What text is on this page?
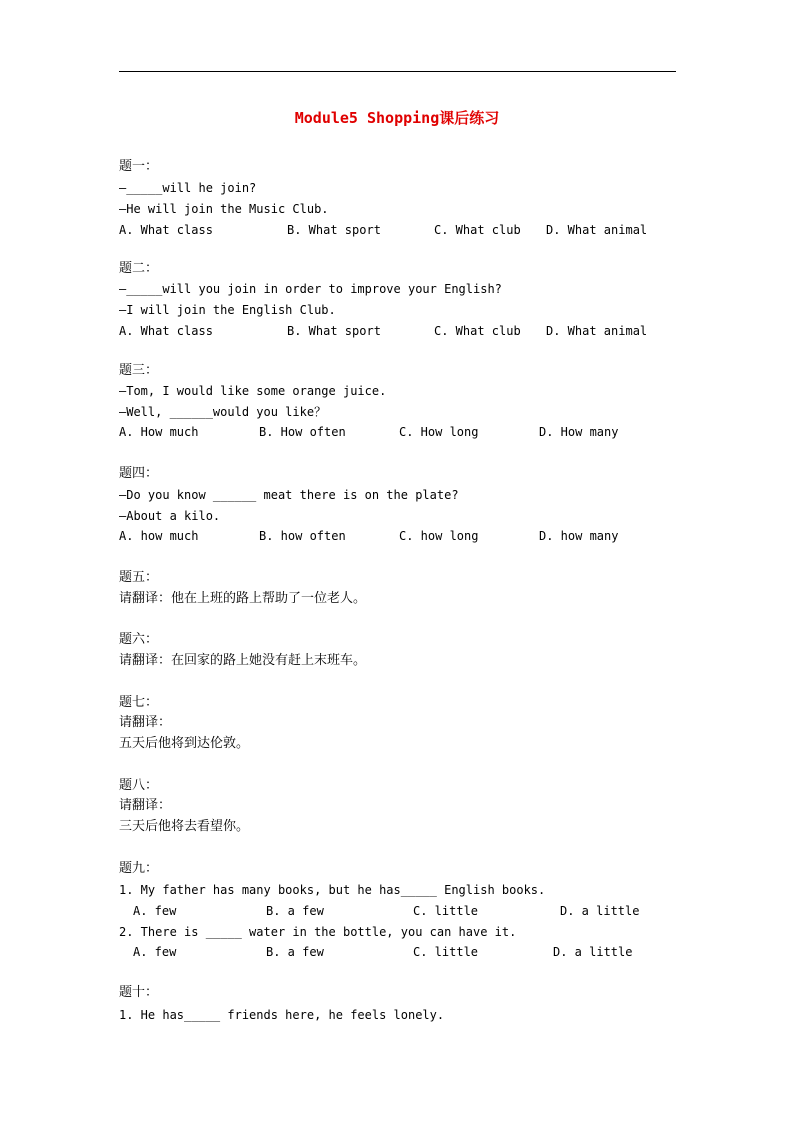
Module5 Shopping课后练习
题一：
—_____will he join?
—He will join the Music Club.
A. What class	B. What sport	C. What club D. What animal
题二：
—_____will you join in order to improve your English?
—I will join the English Club.
A. What class	B. What sport	C. What club D. What animal
题三：
—Tom, I would like some orange juice.
—Well, ______would you like？
A. How much	B. How often	C. How long	D. How many
题四：
—Do you know ______ meat there is on the plate?
—About a kilo.
A. how much	B. how often	C. how long	D. how many
题五：
请翻译：他在上班的路上帮助了一位老人。
题六：
请翻译：在回家的路上她没有赶上末班车。
题七：
请翻译：
五天后他将到达伦敦。
题八：
请翻译：
三天后他将去看望你。
题九：
1. My father has many books, but he has_____ English books.
A. few	B. a few	C. little	D. a little
2. There is _____ water in the bottle, you can have it.
A. few	B. a few	C. little	D. a little
题十：
1. He has_____ friends here, he feels lonely.
